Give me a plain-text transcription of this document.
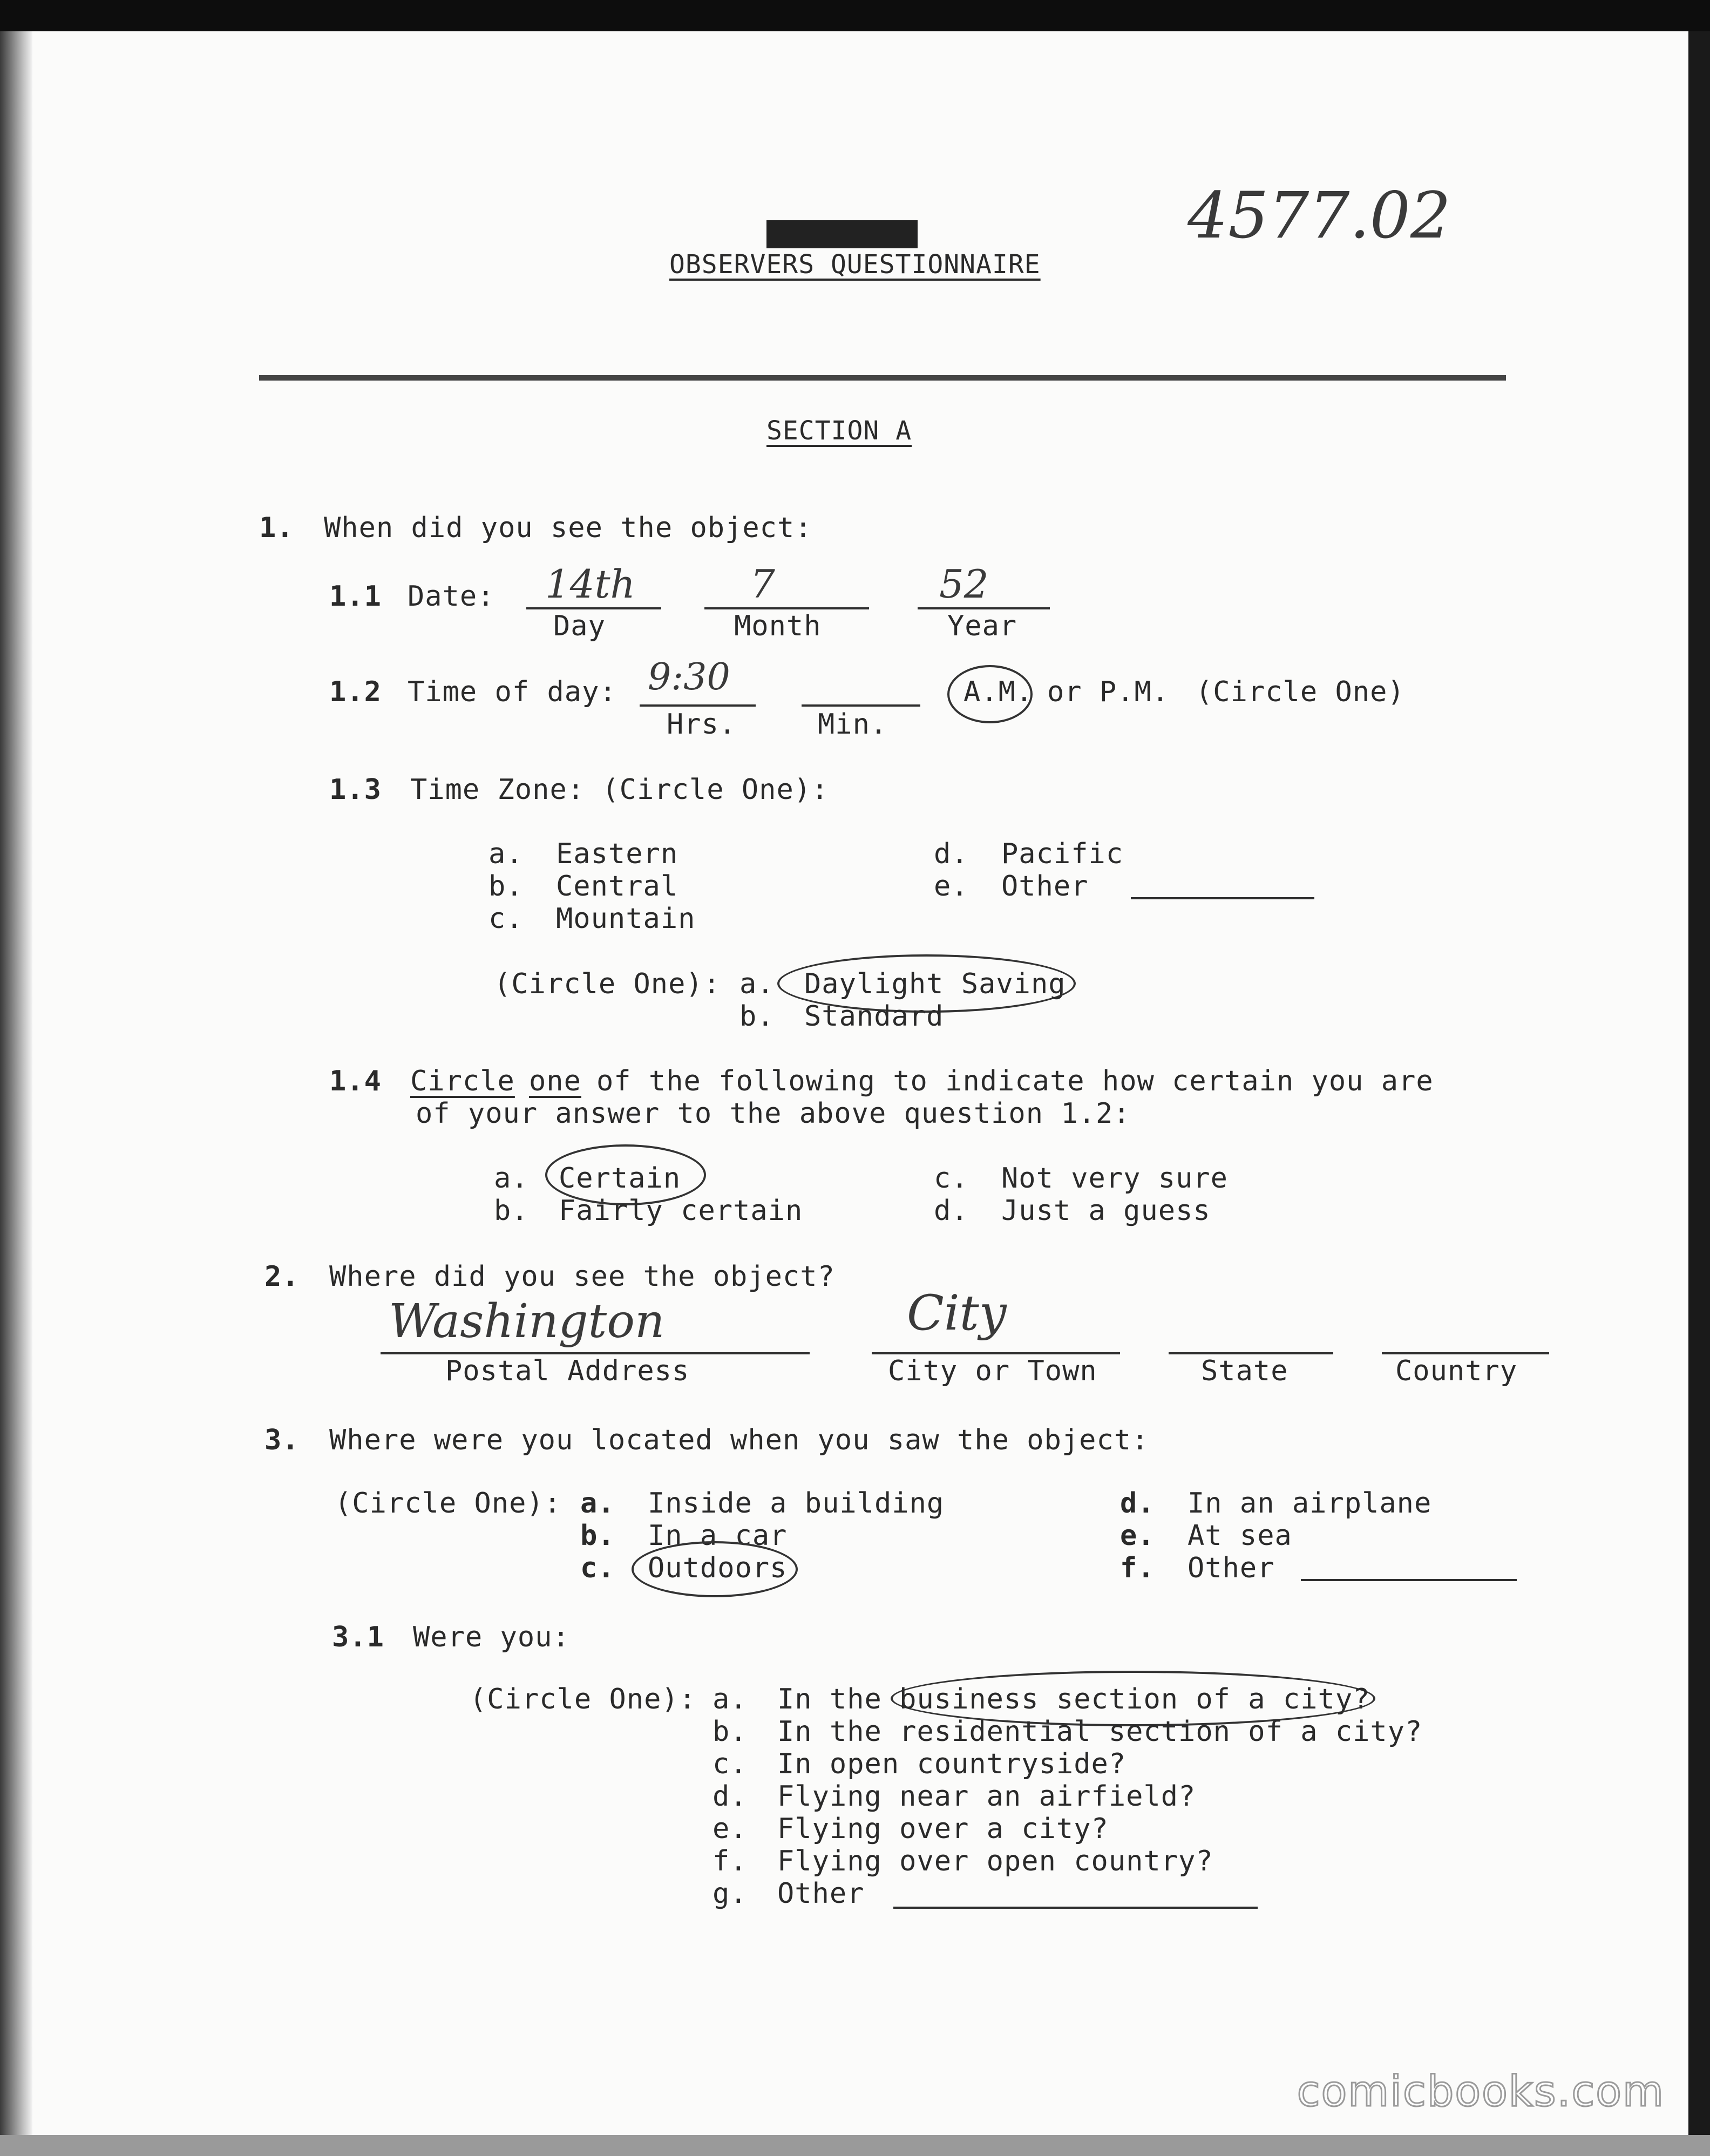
4577.02
OBSERVERS QUESTIONNAIRE
SECTION A
1. When did you see the object:
1.1 Date: 14th	7	52
Day	Month	Year
1.2 Time of day: 9:30
Hrs.	Min.
A.M. or P.M. (Circle One)
1.3 Time Zone: (Circle One):
a. Eastern
b. Central
c. Mountain
d. Pacific
e. Other
(Circle One): a. Daylight Saving
b. Standard
1.4 Circle one of the following to indicate how certain you are
of your answer to the above question 1.2:
a. Certain
b. Fairly certain
c. Not very sure
d. Just a guess
2. Where did you see the object?
Washington	City
Postal Address	City or Town	State	Country
3. Where were you located when you saw the object:
(Circle One): a. Inside a building
b. In a car
c. Outdoors
d. In an airplane
e. At sea
f. Other
3.1 Were you:
(Circle One): a. In the business section of a city?
b. In the residential section of a city?
c. In open countryside?
d. Flying near an airfield?
e. Flying over a city?
f. Flying over open country?
g. Other
comicbooks.com
